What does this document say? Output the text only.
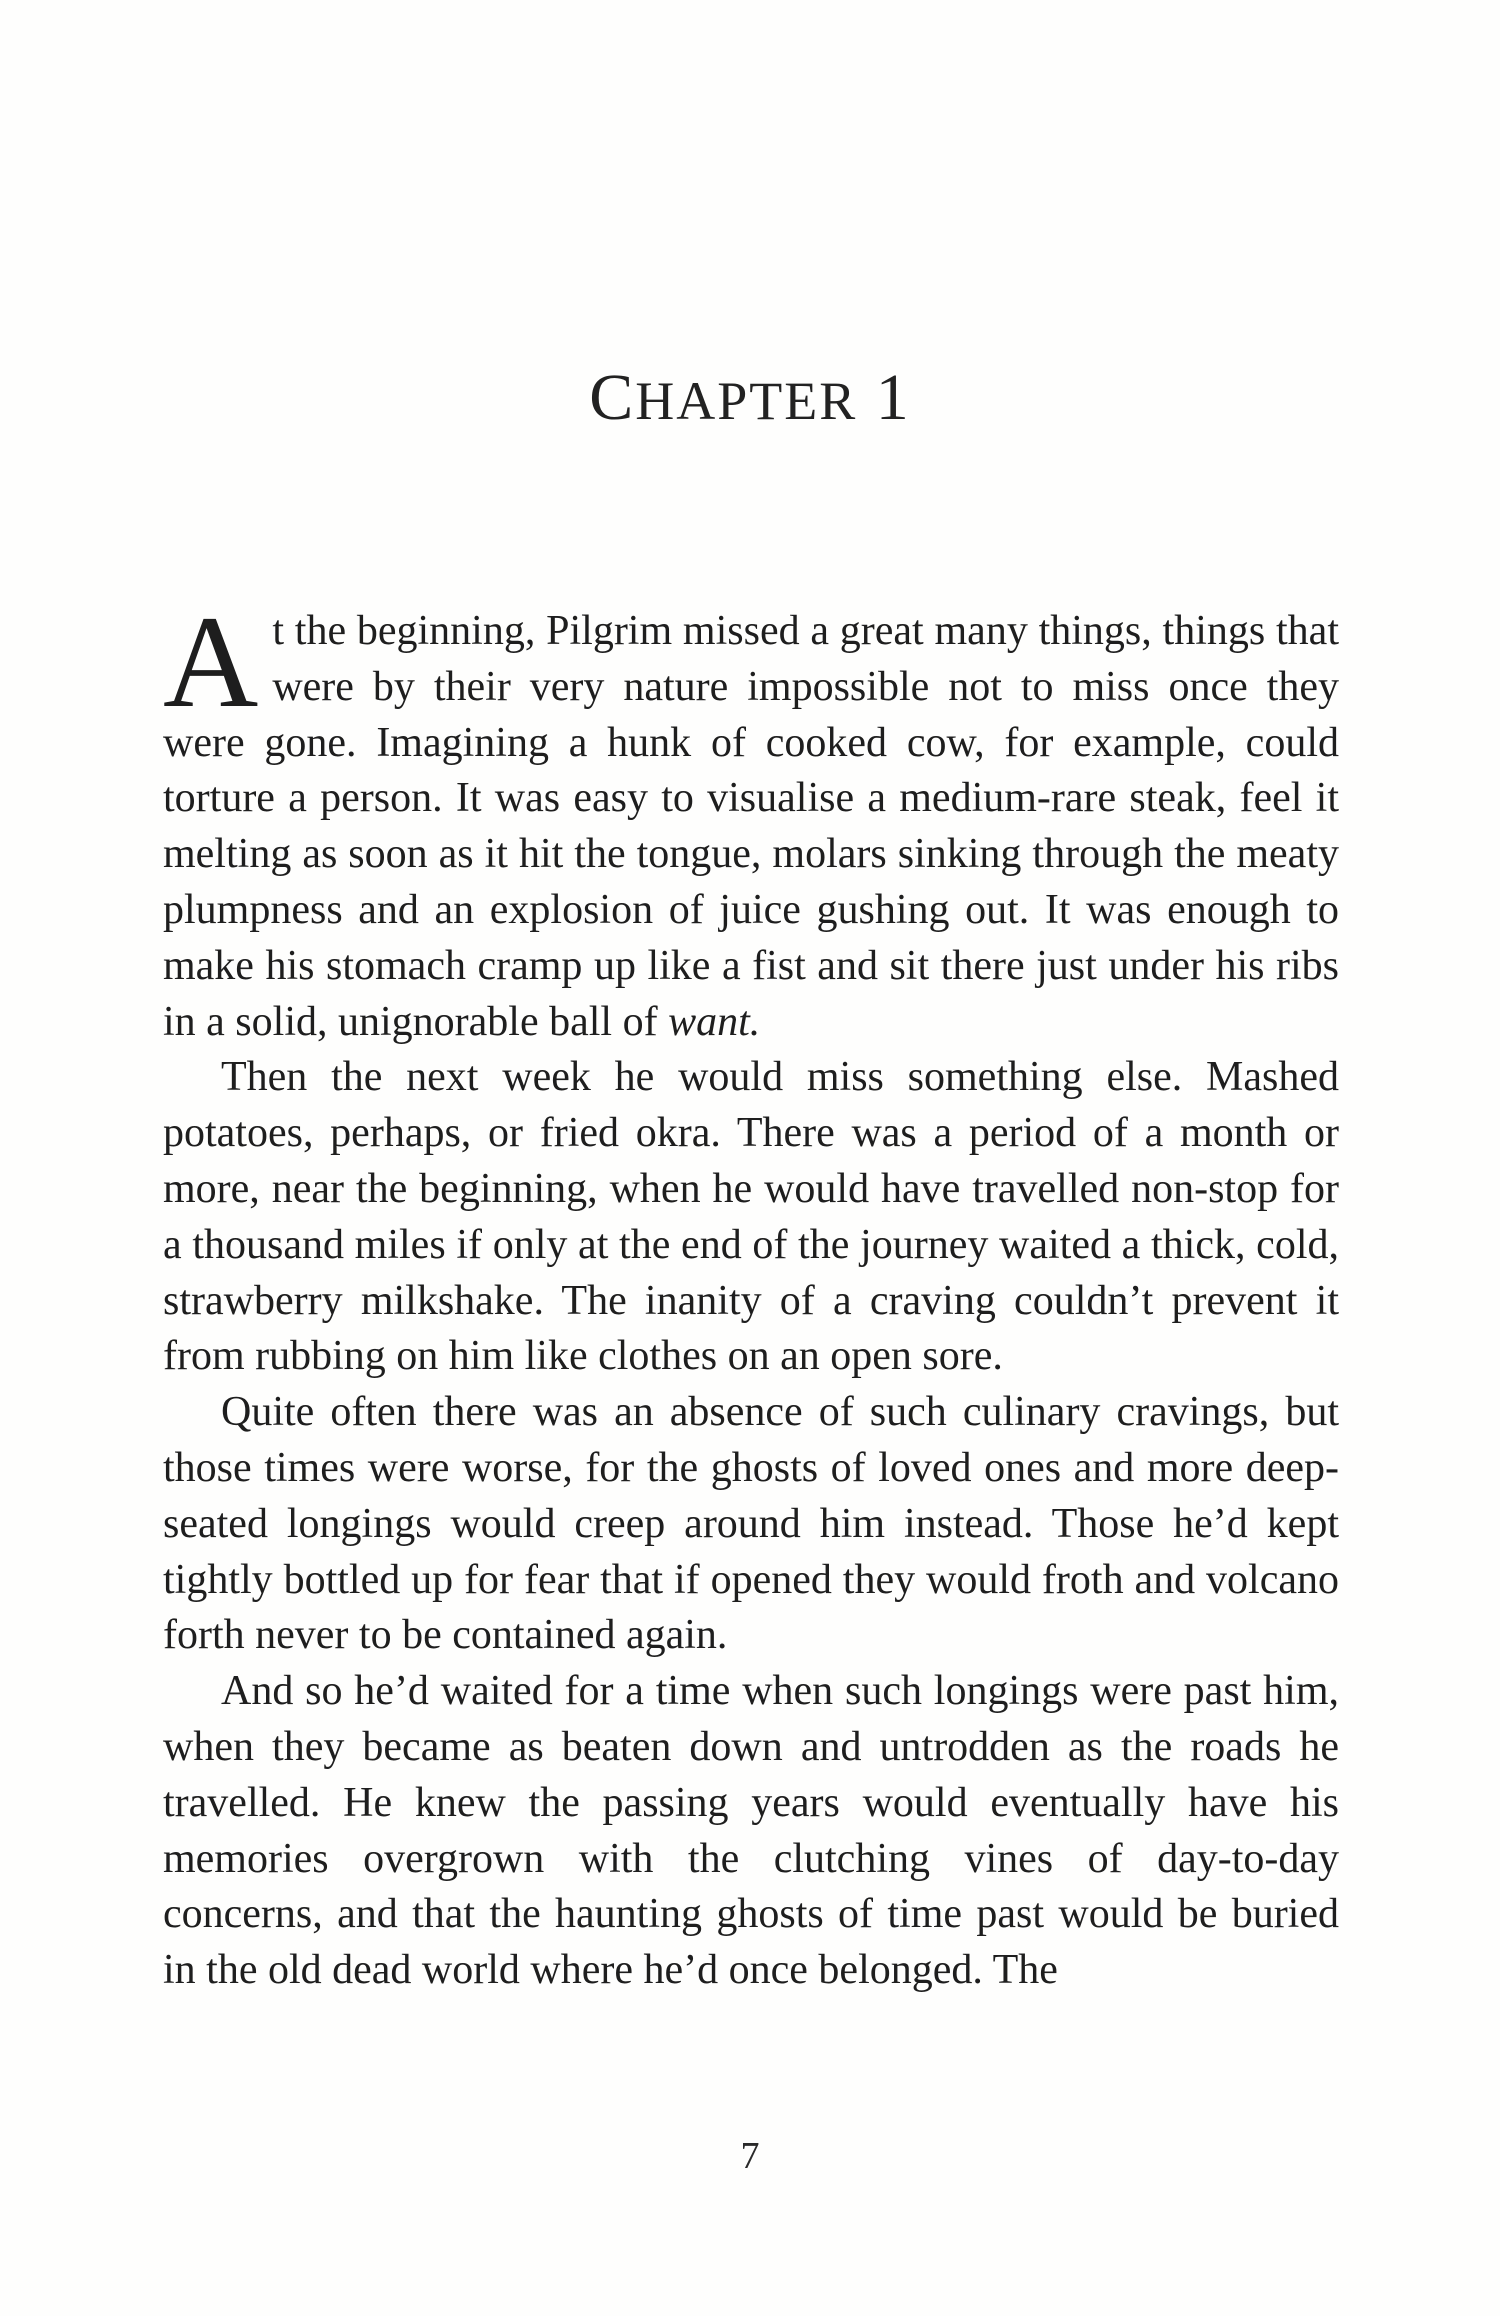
CHAPTER 1

At the beginning, Pilgrim missed a great many things, things that were by their very nature impossible not to miss once they were gone. Imagining a hunk of cooked cow, for example, could torture a person. It was easy to visualise a medium-rare steak, feel it melting as soon as it hit the tongue, molars sinking through the meaty plumpness and an explosion of juice gushing out. It was enough to make his stomach cramp up like a fist and sit there just under his ribs in a solid, unignorable ball of want.

Then the next week he would miss something else. Mashed potatoes, perhaps, or fried okra. There was a period of a month or more, near the beginning, when he would have travelled non-stop for a thousand miles if only at the end of the journey waited a thick, cold, strawberry milkshake. The inanity of a craving couldn’t prevent it from rubbing on him like clothes on an open sore.

Quite often there was an absence of such culinary cravings, but those times were worse, for the ghosts of loved ones and more deep-seated longings would creep around him instead. Those he’d kept tightly bottled up for fear that if opened they would froth and volcano forth never to be contained again.

And so he’d waited for a time when such longings were past him, when they became as beaten down and untrodden as the roads he travelled. He knew the passing years would eventually have his memories overgrown with the clutching vines of day-to-day concerns, and that the haunting ghosts of time past would be buried in the old dead world where he’d once belonged. The

7
